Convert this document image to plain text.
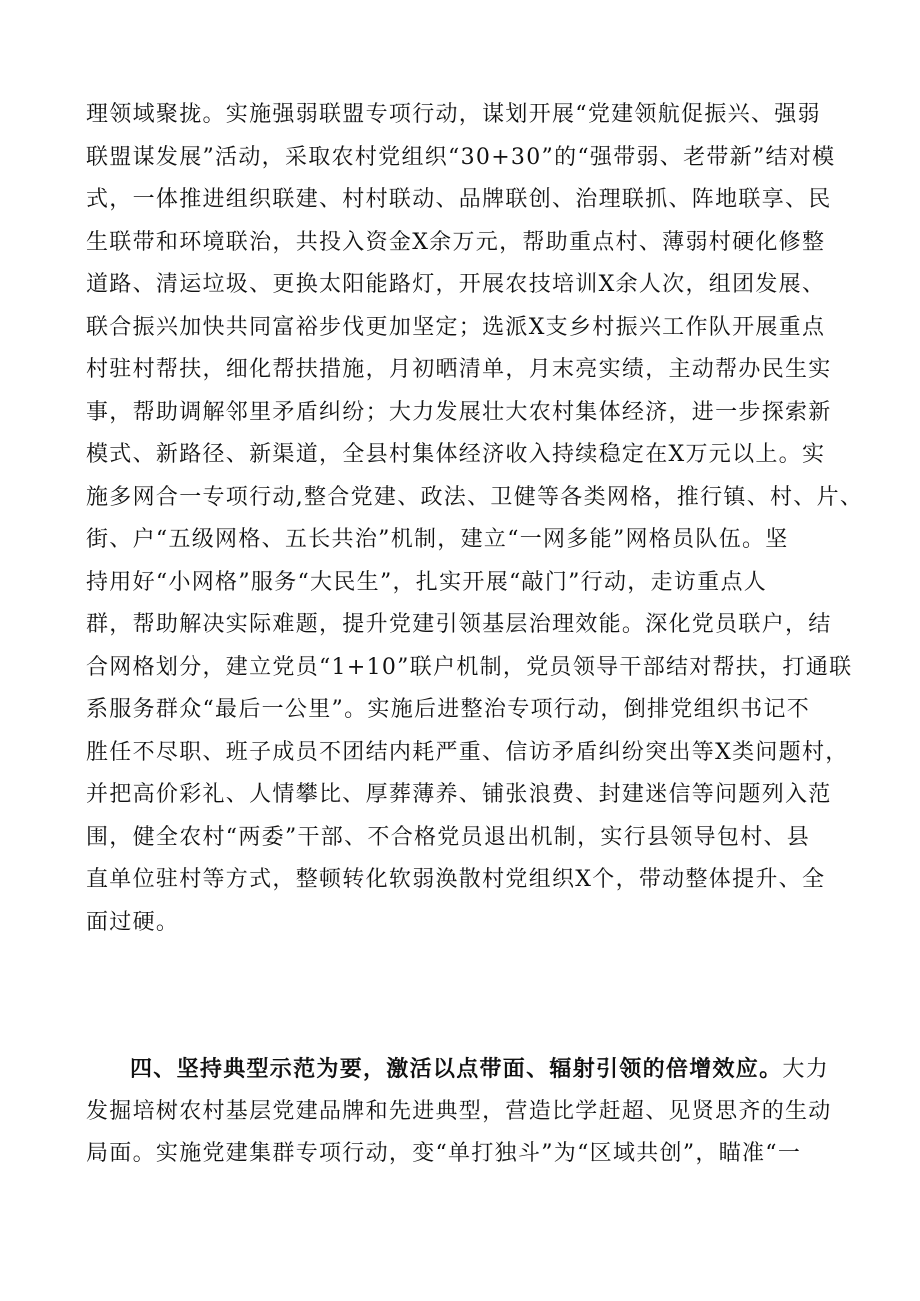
理领域聚拢。实施强弱联盟专项行动，谋划开展“党建领航促振兴、强弱
联盟谋发展”活动，采取农村党组织“30+30”的“强带弱、老带新”结对模
式，一体推进组织联建、村村联动、品牌联创、治理联抓、阵地联享、民
生联带和环境联治，共投入资金X余万元，帮助重点村、薄弱村硬化修整
道路、清运垃圾、更换太阳能路灯，开展农技培训X余人次，组团发展、
联合振兴加快共同富裕步伐更加坚定；选派X支乡村振兴工作队开展重点
村驻村帮扶，细化帮扶措施，月初晒清单，月末亮实绩，主动帮办民生实
事，帮助调解邻里矛盾纠纷；大力发展壮大农村集体经济，进一步探索新
模式、新路径、新渠道，全县村集体经济收入持续稳定在X万元以上。实
施多网合一专项行动,整合党建、政法、卫健等各类网格，推行镇、村、片、
街、户“五级网格、五长共治”机制，建立“一网多能”网格员队伍。坚
持用好“小网格”服务“大民生”，扎实开展“敲门”行动，走访重点人
群，帮助解决实际难题，提升党建引领基层治理效能。深化党员联户，结
合网格划分，建立党员“1+10”联户机制，党员领导干部结对帮扶，打通联
系服务群众“最后一公里”。实施后进整治专项行动，倒排党组织书记不
胜任不尽职、班子成员不团结内耗严重、信访矛盾纠纷突出等X类问题村，
并把高价彩礼、人情攀比、厚葬薄养、铺张浪费、封建迷信等问题列入范
围，健全农村“两委”干部、不合格党员退出机制，实行县领导包村、县
直单位驻村等方式，整顿转化软弱涣散村党组织X个，带动整体提升、全
面过硬。
四、坚持典型示范为要，激活以点带面、辐射引领的倍增效应。大力
发掘培树农村基层党建品牌和先进典型，营造比学赶超、见贤思齐的生动
局面。实施党建集群专项行动，变“单打独斗”为“区域共创”，瞄准“一
